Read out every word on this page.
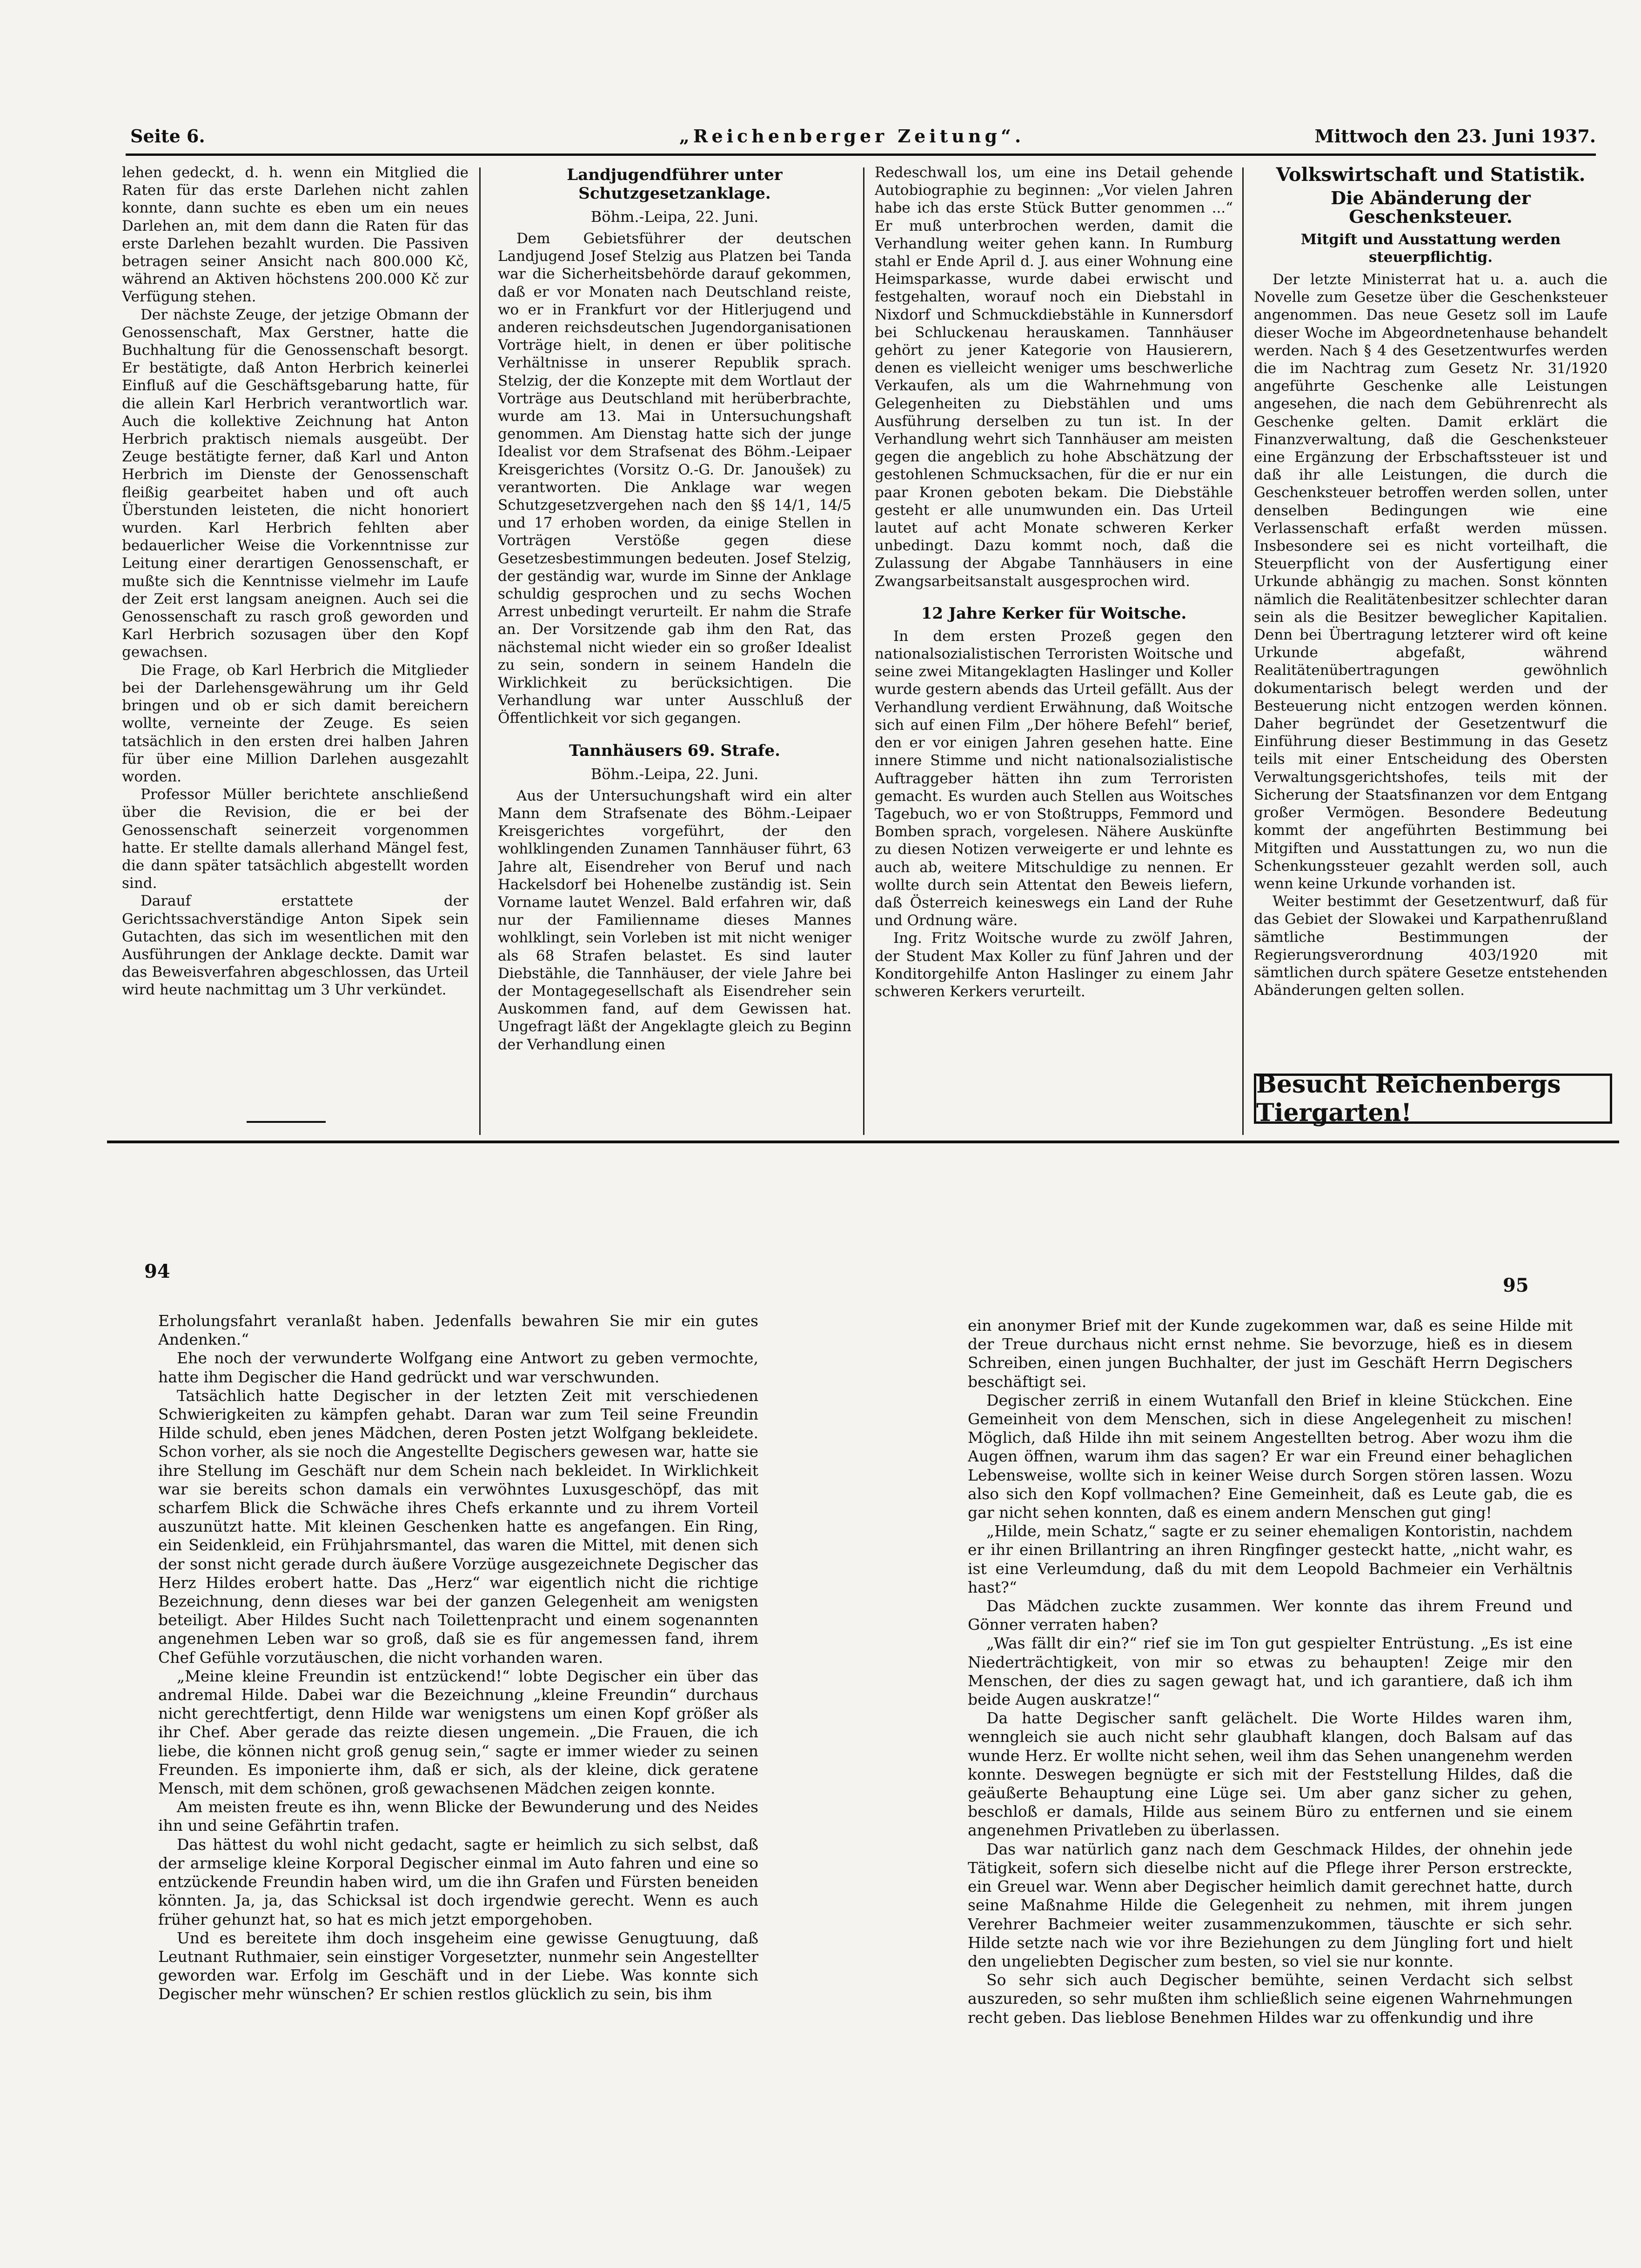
Seite 6.	„Reichenberger Zeitung“.	Mittwoch den 23. Juni 1937.

lehen gedeckt, d. h. wenn ein Mitglied die Raten für das erste Darlehen nicht zahlen konnte, dann suchte es eben um ein neues Darlehen an, mit dem dann die Raten für das erste Darlehen bezahlt wurden. Die Passiven betragen seiner Ansicht nach 800.000 Kč, während an Aktiven höchstens 200.000 Kč zur Verfügung stehen.

Der nächste Zeuge, der jetzige Obmann der Genossenschaft, Max Gerstner, hatte die Buchhaltung für die Genossenschaft besorgt. Er bestätigte, daß Anton Herbrich keinerlei Einfluß auf die Geschäftsgebarung hatte, für die allein Karl Herbrich verantwortlich war. Auch die kollektive Zeichnung hat Anton Herbrich praktisch niemals ausgeübt. Der Zeuge bestätigte ferner, daß Karl und Anton Herbrich im Dienste der Genossenschaft fleißig gearbeitet haben und oft auch Überstunden leisteten, die nicht honoriert wurden. Karl Herbrich fehlten aber bedauerlicher Weise die Vorkenntnisse zur Leitung einer derartigen Genossenschaft, er mußte sich die Kenntnisse vielmehr im Laufe der Zeit erst langsam aneignen. Auch sei die Genossenschaft zu rasch groß geworden und Karl Herbrich sozusagen über den Kopf gewachsen.

Die Frage, ob Karl Herbrich die Mitglieder bei der Darlehensgewährung um ihr Geld bringen und ob er sich damit bereichern wollte, verneinte der Zeuge. Es seien tatsächlich in den ersten drei halben Jahren für über eine Million Darlehen ausgezahlt worden.

Professor Müller berichtete anschließend über die Revision, die er bei der Genossenschaft seinerzeit vorgenommen hatte. Er stellte damals allerhand Mängel fest, die dann später tatsächlich abgestellt worden sind.

Darauf erstattete der Gerichtssachverständige Anton Sipek sein Gutachten, das sich im wesentlichen mit den Ausführungen der Anklage deckte. Damit war das Beweisverfahren abgeschlossen, das Urteil wird heute nachmittag um 3 Uhr verkündet.

Landjugendführer unter Schutzgesetzanklage.
Böhm.-Leipa, 22. Juni.

Dem Gebietsführer der deutschen Landjugend Josef Stelzig aus Platzen bei Tanda war die Sicherheitsbehörde darauf gekommen, daß er vor Monaten nach Deutschland reiste, wo er in Frankfurt vor der Hitlerjugend und anderen reichsdeutschen Jugendorganisationen Vorträge hielt, in denen er über politische Verhältnisse in unserer Republik sprach. Stelzig, der die Konzepte mit dem Wortlaut der Vorträge aus Deutschland mit herüberbrachte, wurde am 13. Mai in Untersuchungshaft genommen. Am Dienstag hatte sich der junge Idealist vor dem Strafsenat des Böhm.-Leipaer Kreisgerichtes (Vorsitz O.-G. Dr. Janoušek) zu verantworten. Die Anklage war wegen Schutzgesetzvergehen nach den §§ 14/1, 14/5 und 17 erhoben worden, da einige Stellen in Vorträgen Verstöße gegen diese Gesetzesbestimmungen bedeuten. Josef Stelzig, der geständig war, wurde im Sinne der Anklage schuldig gesprochen und zu sechs Wochen Arrest unbedingt verurteilt. Er nahm die Strafe an. Der Vorsitzende gab ihm den Rat, das nächstemal nicht wieder ein so großer Idealist zu sein, sondern in seinem Handeln die Wirklichkeit zu berücksichtigen. Die Verhandlung war unter Ausschluß der Öffentlichkeit vor sich gegangen.

Tannhäusers 69. Strafe.
Böhm.-Leipa, 22. Juni.

Aus der Untersuchungshaft wird ein alter Mann dem Strafsenate des Böhm.-Leipaer Kreisgerichtes vorgeführt, der den wohlklingenden Zunamen Tannhäuser führt, 63 Jahre alt, Eisendreher von Beruf und nach Hackelsdorf bei Hohenelbe zuständig ist. Sein Vorname lautet Wenzel. Bald erfahren wir, daß nur der Familienname dieses Mannes wohlklingt, sein Vorleben ist mit nicht weniger als 68 Strafen belastet. Es sind lauter Diebstähle, die Tannhäuser, der viele Jahre bei der Montagegesellschaft als Eisendreher sein Auskommen fand, auf dem Gewissen hat. Ungefragt läßt der Angeklagte gleich zu Beginn der Verhandlung einen

Redeschwall los, um eine ins Detail gehende Autobiographie zu beginnen: „Vor vielen Jahren habe ich das erste Stück Butter genommen ...“ Er muß unterbrochen werden, damit die Verhandlung weiter gehen kann. In Rumburg stahl er Ende April d. J. aus einer Wohnung eine Heimsparkasse, wurde dabei erwischt und festgehalten, worauf noch ein Diebstahl in Nixdorf und Schmuckdiebstähle in Kunnersdorf bei Schluckenau herauskamen. Tannhäuser gehört zu jener Kategorie von Hausierern, denen es vielleicht weniger ums beschwerliche Verkaufen, als um die Wahrnehmung von Gelegenheiten zu Diebstählen und ums Ausführung derselben zu tun ist. In der Verhandlung wehrt sich Tannhäuser am meisten gegen die angeblich zu hohe Abschätzung der gestohlenen Schmucksachen, für die er nur ein paar Kronen geboten bekam. Die Diebstähle gesteht er alle unumwunden ein. Das Urteil lautet auf acht Monate schweren Kerker unbedingt. Dazu kommt noch, daß die Zulassung der Abgabe Tannhäusers in eine Zwangsarbeitsanstalt ausgesprochen wird.

12 Jahre Kerker für Woitsche.

In dem ersten Prozeß gegen den nationalsozialistischen Terroristen Woitsche und seine zwei Mitangeklagten Haslinger und Koller wurde gestern abends das Urteil gefällt. Aus der Verhandlung verdient Erwähnung, daß Woitsche sich auf einen Film „Der höhere Befehl“ berief, den er vor einigen Jahren gesehen hatte. Eine innere Stimme und nicht nationalsozialistische Auftraggeber hätten ihn zum Terroristen gemacht. Es wurden auch Stellen aus Woitsches Tagebuch, wo er von Stoßtrupps, Femmord und Bomben sprach, vorgelesen. Nähere Auskünfte zu diesen Notizen verweigerte er und lehnte es auch ab, weitere Mitschuldige zu nennen. Er wollte durch sein Attentat den Beweis liefern, daß Österreich keineswegs ein Land der Ruhe und Ordnung wäre.

Ing. Fritz Woitsche wurde zu zwölf Jahren, der Student Max Koller zu fünf Jahren und der Konditorgehilfe Anton Haslinger zu einem Jahr schweren Kerkers verurteilt.

Volkswirtschaft und Statistik.
Die Abänderung der Geschenksteuer.
Mitgift und Ausstattung werden steuerpflichtig.

Der letzte Ministerrat hat u. a. auch die Novelle zum Gesetze über die Geschenksteuer angenommen. Das neue Gesetz soll im Laufe dieser Woche im Abgeordnetenhause behandelt werden. Nach § 4 des Gesetzentwurfes werden die im Nachtrag zum Gesetz Nr. 31/1920 angeführte Geschenke alle Leistungen angesehen, die nach dem Gebührenrecht als Geschenke gelten. Damit erklärt die Finanzverwaltung, daß die Geschenksteuer eine Ergänzung der Erbschaftssteuer ist und daß ihr alle Leistungen, die durch die Geschenksteuer betroffen werden sollen, unter denselben Bedingungen wie eine Verlassenschaft erfaßt werden müssen. Insbesondere sei es nicht vorteilhaft, die Steuerpflicht von der Ausfertigung einer Urkunde abhängig zu machen. Sonst könnten nämlich die Realitätenbesitzer schlechter daran sein als die Besitzer beweglicher Kapitalien. Denn bei Übertragung letzterer wird oft keine Urkunde abgefaßt, während Realitätenübertragungen gewöhnlich dokumentarisch belegt werden und der Besteuerung nicht entzogen werden können. Daher begründet der Gesetzentwurf die Einführung dieser Bestimmung in das Gesetz teils mit einer Entscheidung des Obersten Verwaltungsgerichtshofes, teils mit der Sicherung der Staatsfinanzen vor dem Entgang großer Vermögen. Besondere Bedeutung kommt der angeführten Bestimmung bei Mitgiften und Ausstattungen zu, wo nun die Schenkungssteuer gezahlt werden soll, auch wenn keine Urkunde vorhanden ist.

Weiter bestimmt der Gesetzentwurf, daß für das Gebiet der Slowakei und Karpathenrußland sämtliche Bestimmungen der Regierungsverordnung 403/1920 mit sämtlichen durch spätere Gesetze entstehenden Abänderungen gelten sollen.

Besucht Reichenbergs Tiergarten!
94
95

Erholungsfahrt veranlaßt haben. Jedenfalls bewahren Sie mir ein gutes Andenken.“

Ehe noch der verwunderte Wolfgang eine Antwort zu geben vermochte, hatte ihm Degischer die Hand gedrückt und war verschwunden.

Tatsächlich hatte Degischer in der letzten Zeit mit verschiedenen Schwierigkeiten zu kämpfen gehabt. Daran war zum Teil seine Freundin Hilde schuld, eben jenes Mädchen, deren Posten jetzt Wolfgang bekleidete. Schon vorher, als sie noch die Angestellte Degischers gewesen war, hatte sie ihre Stellung im Geschäft nur dem Schein nach bekleidet. In Wirklichkeit war sie bereits schon damals ein verwöhntes Luxusgeschöpf, das mit scharfem Blick die Schwäche ihres Chefs erkannte und zu ihrem Vorteil auszunützt hatte. Mit kleinen Geschenken hatte es angefangen. Ein Ring, ein Seidenkleid, ein Frühjahrsmantel, das waren die Mittel, mit denen sich der sonst nicht gerade durch äußere Vorzüge ausgezeichnete Degischer das Herz Hildes erobert hatte. Das „Herz“ war eigentlich nicht die richtige Bezeichnung, denn dieses war bei der ganzen Gelegenheit am wenigsten beteiligt. Aber Hildes Sucht nach Toilettenpracht und einem sogenannten angenehmen Leben war so groß, daß sie es für angemessen fand, ihrem Chef Gefühle vorzutäuschen, die nicht vorhanden waren.

„Meine kleine Freundin ist entzückend!“ lobte Degischer ein über das andremal Hilde. Dabei war die Bezeichnung „kleine Freundin“ durchaus nicht gerechtfertigt, denn Hilde war wenigstens um einen Kopf größer als ihr Chef. Aber gerade das reizte diesen ungemein. „Die Frauen, die ich liebe, die können nicht groß genug sein,“ sagte er immer wieder zu seinen Freunden. Es imponierte ihm, daß er sich, als der kleine, dick geratene Mensch, mit dem schönen, groß gewachsenen Mädchen zeigen konnte.

Am meisten freute es ihn, wenn Blicke der Bewunderung und des Neides ihn und seine Gefährtin trafen.

Das hättest du wohl nicht gedacht, sagte er heimlich zu sich selbst, daß der armselige kleine Korporal Degischer einmal im Auto fahren und eine so entzückende Freundin haben wird, um die ihn Grafen und Fürsten beneiden könnten. Ja, ja, das Schicksal ist doch irgendwie gerecht. Wenn es auch früher gehunzt hat, so hat es mich jetzt emporgehoben.

Und es bereitete ihm doch insgeheim eine gewisse Genugtuung, daß Leutnant Ruthmaier, sein einstiger Vorgesetzter, nunmehr sein Angestellter geworden war. Erfolg im Geschäft und in der Liebe. Was konnte sich Degischer mehr wünschen? Er schien restlos glücklich zu sein, bis ihm

ein anonymer Brief mit der Kunde zugekommen war, daß es seine Hilde mit der Treue durchaus nicht ernst nehme. Sie bevorzuge, hieß es in diesem Schreiben, einen jungen Buchhalter, der just im Geschäft Herrn Degischers beschäftigt sei.

Degischer zerriß in einem Wutanfall den Brief in kleine Stückchen. Eine Gemeinheit von dem Menschen, sich in diese Angelegenheit zu mischen! Möglich, daß Hilde ihn mit seinem Angestellten betrog. Aber wozu ihm die Augen öffnen, warum ihm das sagen? Er war ein Freund einer behaglichen Lebensweise, wollte sich in keiner Weise durch Sorgen stören lassen. Wozu also sich den Kopf vollmachen? Eine Gemeinheit, daß es Leute gab, die es gar nicht sehen konnten, daß es einem andern Menschen gut ging!

„Hilde, mein Schatz,“ sagte er zu seiner ehemaligen Kontoristin, nachdem er ihr einen Brillantring an ihren Ringfinger gesteckt hatte, „nicht wahr, es ist eine Verleumdung, daß du mit dem Leopold Bachmeier ein Verhältnis hast?“

Das Mädchen zuckte zusammen. Wer konnte das ihrem Freund und Gönner verraten haben?

„Was fällt dir ein?“ rief sie im Ton gut gespielter Entrüstung. „Es ist eine Niederträchtigkeit, von mir so etwas zu behaupten! Zeige mir den Menschen, der dies zu sagen gewagt hat, und ich garantiere, daß ich ihm beide Augen auskratze!“

Da hatte Degischer sanft gelächelt. Die Worte Hildes waren ihm, wenngleich sie auch nicht sehr glaubhaft klangen, doch Balsam auf das wunde Herz. Er wollte nicht sehen, weil ihm das Sehen unangenehm werden konnte. Deswegen begnügte er sich mit der Feststellung Hildes, daß die geäußerte Behauptung eine Lüge sei. Um aber ganz sicher zu gehen, beschloß er damals, Hilde aus seinem Büro zu entfernen und sie einem angenehmen Privatleben zu überlassen.

Das war natürlich ganz nach dem Geschmack Hildes, der ohnehin jede Tätigkeit, sofern sich dieselbe nicht auf die Pflege ihrer Person erstreckte, ein Greuel war. Wenn aber Degischer heimlich damit gerechnet hatte, durch seine Maßnahme Hilde die Gelegenheit zu nehmen, mit ihrem jungen Verehrer Bachmeier weiter zusammenzukommen, täuschte er sich sehr. Hilde setzte nach wie vor ihre Beziehungen zu dem Jüngling fort und hielt den ungeliebten Degischer zum besten, so viel sie nur konnte.

So sehr sich auch Degischer bemühte, seinen Verdacht sich selbst auszureden, so sehr mußten ihm schließlich seine eigenen Wahrnehmungen recht geben. Das lieblose Benehmen Hildes war zu offenkundig und ihre
